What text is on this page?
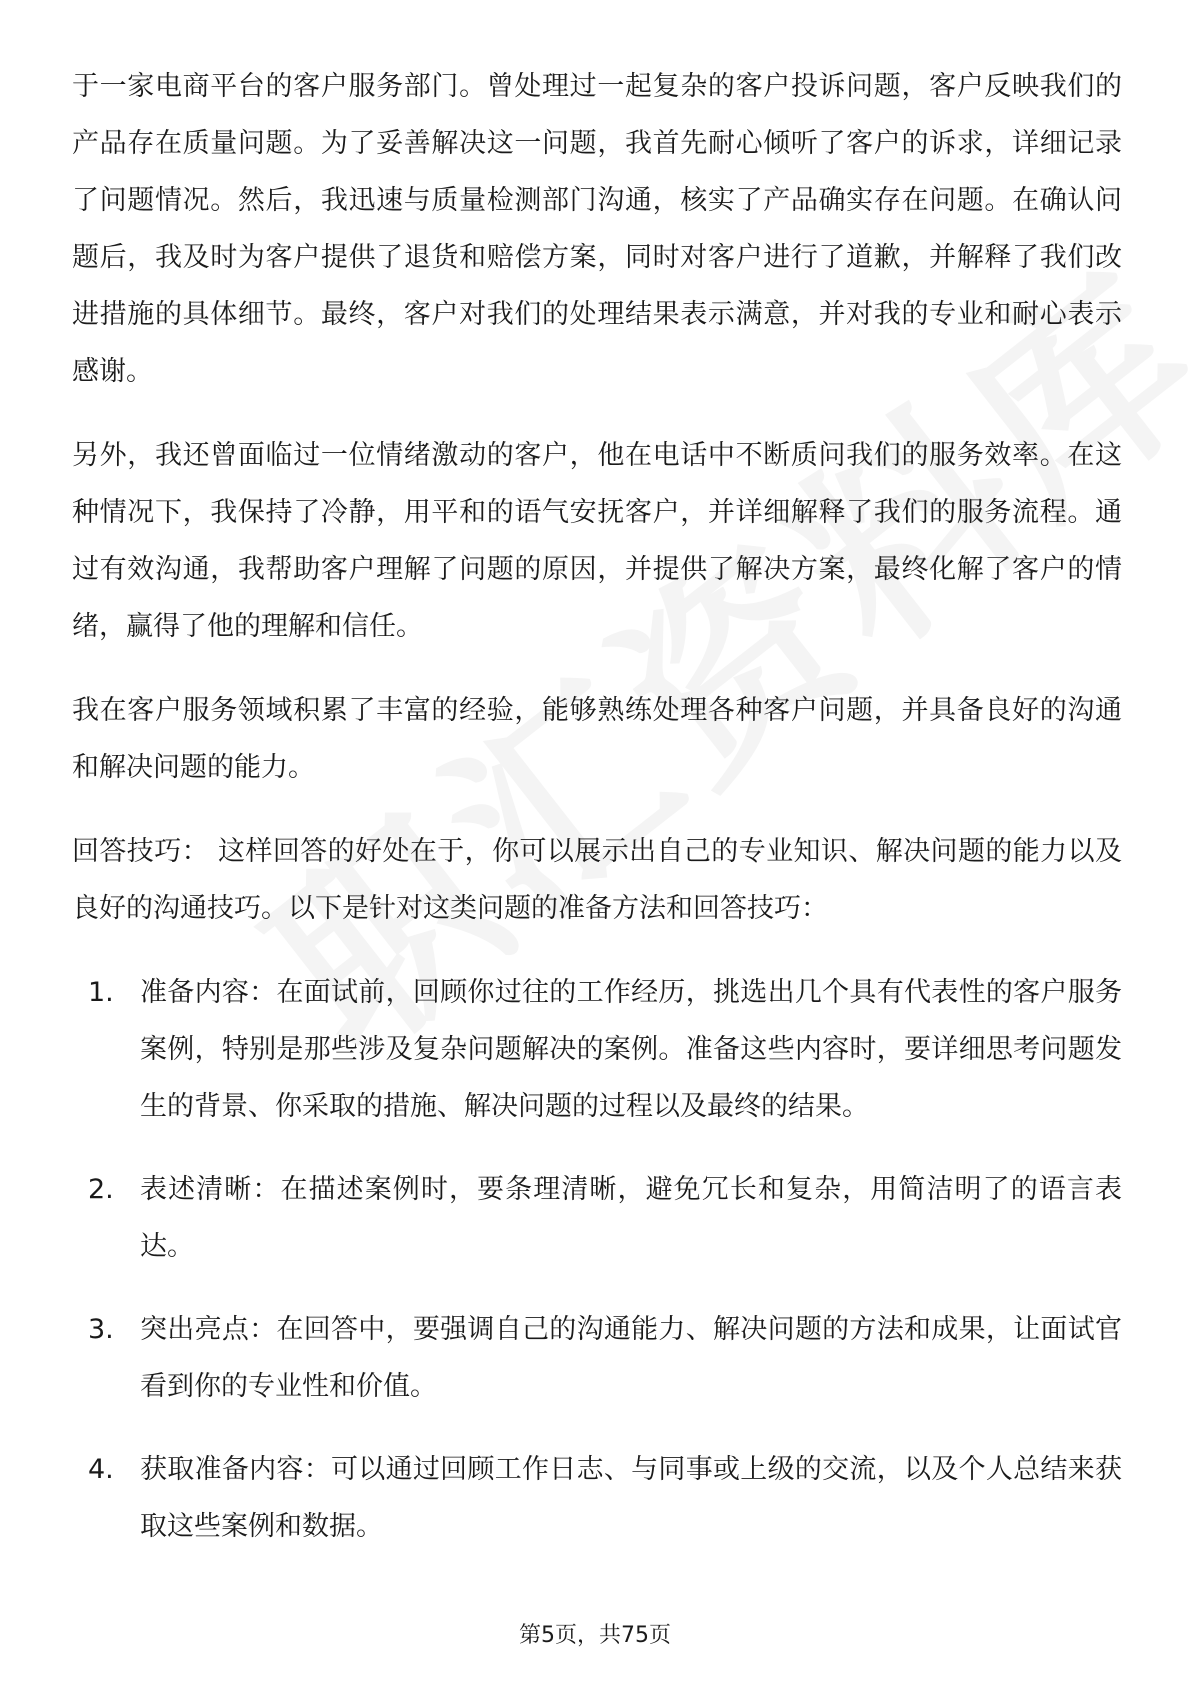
于一家电商平台的客户服务部门。曾处理过一起复杂的客户投诉问题，客户反映我们的产品存在质量问题。为了妥善解决这一问题，我首先耐心倾听了客户的诉求，详细记录了问题情况。然后，我迅速与质量检测部门沟通，核实了产品确实存在问题。在确认问题后，我及时为客户提供了退货和赔偿方案，同时对客户进行了道歉，并解释了我们改进措施的具体细节。最终，客户对我们的处理结果表示满意，并对我的专业和耐心表示感谢。

另外，我还曾面临过一位情绪激动的客户，他在电话中不断质问我们的服务效率。在这种情况下，我保持了冷静，用平和的语气安抚客户，并详细解释了我们的服务流程。通过有效沟通，我帮助客户理解了问题的原因，并提供了解决方案，最终化解了客户的情绪，赢得了他的理解和信任。

我在客户服务领域积累了丰富的经验，能够熟练处理各种客户问题，并具备良好的沟通和解决问题的能力。

回答技巧： 这样回答的好处在于，你可以展示出自己的专业知识、解决问题的能力以及良好的沟通技巧。以下是针对这类问题的准备方法和回答技巧：

1. 准备内容：在面试前，回顾你过往的工作经历，挑选出几个具有代表性的客户服务案例，特别是那些涉及复杂问题解决的案例。准备这些内容时，要详细思考问题发生的背景、你采取的措施、解决问题的过程以及最终的结果。
2. 表述清晰：在描述案例时，要条理清晰，避免冗长和复杂，用简洁明了的语言表达。
3. 突出亮点：在回答中，要强调自己的沟通能力、解决问题的方法和成果，让面试官看到你的专业性和价值。
4. 获取准备内容：可以通过回顾工作日志、与同事或上级的交流，以及个人总结来获取这些案例和数据。
第5页，共75页
